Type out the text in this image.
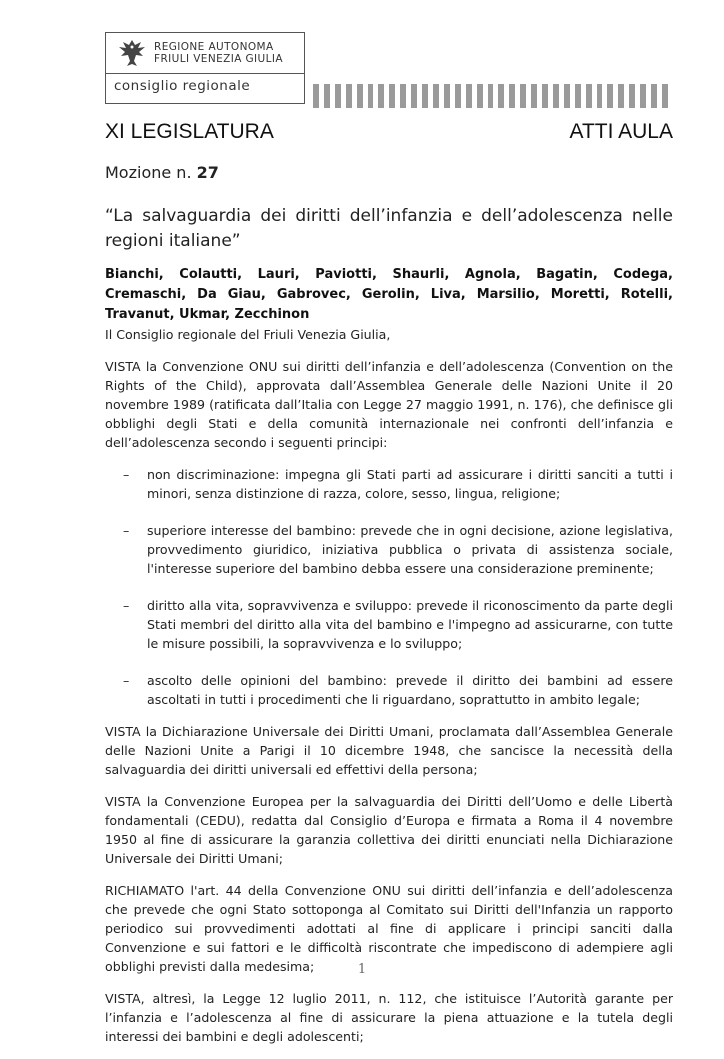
REGIONE AUTONOMA
FRIULI VENEZIA GIULIA
consiglio regionale
XI LEGISLATURA	ATTI AULA
Mozione n. 27
“La salvaguardia dei diritti dell’infanzia e dell’adolescenza nelle regioni italiane”
Bianchi, Colautti, Lauri, Paviotti, Shaurli, Agnola, Bagatin, Codega, Cremaschi, Da Giau, Gabrovec, Gerolin, Liva, Marsilio, Moretti, Rotelli, Travanut, Ukmar, Zecchinon

Il Consiglio regionale del Friuli Venezia Giulia,

VISTA la Convenzione ONU sui diritti dell’infanzia e dell’adolescenza (Convention on the Rights of the Child), approvata dall’Assemblea Generale delle Nazioni Unite il 20 novembre 1989 (ratificata dall’Italia con Legge 27 maggio 1991, n. 176), che definisce gli obblighi degli Stati e della comunità internazionale nei confronti dell’infanzia e dell’adolescenza secondo i seguenti principi:

– non discriminazione: impegna gli Stati parti ad assicurare i diritti sanciti a tutti i minori, senza distinzione di razza, colore, sesso, lingua, religione;
– superiore interesse del bambino: prevede che in ogni decisione, azione legislativa, provvedimento giuridico, iniziativa pubblica o privata di assistenza sociale, l'interesse superiore del bambino debba essere una considerazione preminente;
– diritto alla vita, sopravvivenza e sviluppo: prevede il riconoscimento da parte degli Stati membri del diritto alla vita del bambino e l'impegno ad assicurarne, con tutte le misure possibili, la sopravvivenza e lo sviluppo;
– ascolto delle opinioni del bambino: prevede il diritto dei bambini ad essere ascoltati in tutti i procedimenti che li riguardano, soprattutto in ambito legale;

VISTA la Dichiarazione Universale dei Diritti Umani, proclamata dall’Assemblea Generale delle Nazioni Unite a Parigi il 10 dicembre 1948, che sancisce la necessità della salvaguardia dei diritti universali ed effettivi della persona;

VISTA la Convenzione Europea per la salvaguardia dei Diritti dell’Uomo e delle Libertà fondamentali (CEDU), redatta dal Consiglio d’Europa e firmata a Roma il 4 novembre 1950 al fine di assicurare la garanzia collettiva dei diritti enunciati nella Dichiarazione Universale dei Diritti Umani;

RICHIAMATO l'art. 44 della Convenzione ONU sui diritti dell’infanzia e dell’adolescenza che prevede che ogni Stato sottoponga al Comitato sui Diritti dell'Infanzia un rapporto periodico sui provvedimenti adottati al fine di applicare i principi sanciti dalla Convenzione e sui fattori e le difficoltà riscontrate che impediscono di adempiere agli obblighi previsti dalla medesima;

VISTA, altresì, la Legge 12 luglio 2011, n. 112, che istituisce l’Autorità garante per l’infanzia e l’adolescenza al fine di assicurare la piena attuazione e la tutela degli interessi dei bambini e degli adolescenti;

1
